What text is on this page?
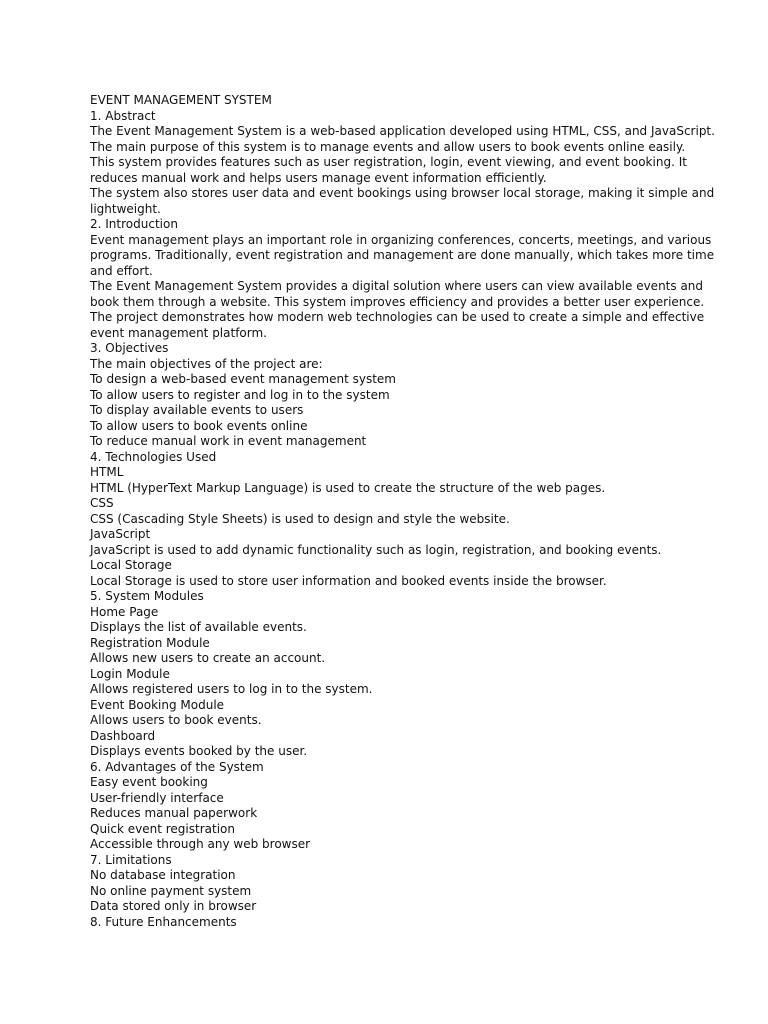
EVENT MANAGEMENT SYSTEM
1. Abstract
The Event Management System is a web-based application developed using HTML, CSS, and JavaScript.
The main purpose of this system is to manage events and allow users to book events online easily.
This system provides features such as user registration, login, event viewing, and event booking. It
reduces manual work and helps users manage event information efficiently.
The system also stores user data and event bookings using browser local storage, making it simple and
lightweight.
2. Introduction
Event management plays an important role in organizing conferences, concerts, meetings, and various
programs. Traditionally, event registration and management are done manually, which takes more time
and effort.
The Event Management System provides a digital solution where users can view available events and
book them through a website. This system improves efficiency and provides a better user experience.
The project demonstrates how modern web technologies can be used to create a simple and effective
event management platform.
3. Objectives
The main objectives of the project are:
To design a web-based event management system
To allow users to register and log in to the system
To display available events to users
To allow users to book events online
To reduce manual work in event management
4. Technologies Used
HTML
HTML (HyperText Markup Language) is used to create the structure of the web pages.
CSS
CSS (Cascading Style Sheets) is used to design and style the website.
JavaScript
JavaScript is used to add dynamic functionality such as login, registration, and booking events.
Local Storage
Local Storage is used to store user information and booked events inside the browser.
5. System Modules
Home Page
Displays the list of available events.
Registration Module
Allows new users to create an account.
Login Module
Allows registered users to log in to the system.
Event Booking Module
Allows users to book events.
Dashboard
Displays events booked by the user.
6. Advantages of the System
Easy event booking
User-friendly interface
Reduces manual paperwork
Quick event registration
Accessible through any web browser
7. Limitations
No database integration
No online payment system
Data stored only in browser
8. Future Enhancements
